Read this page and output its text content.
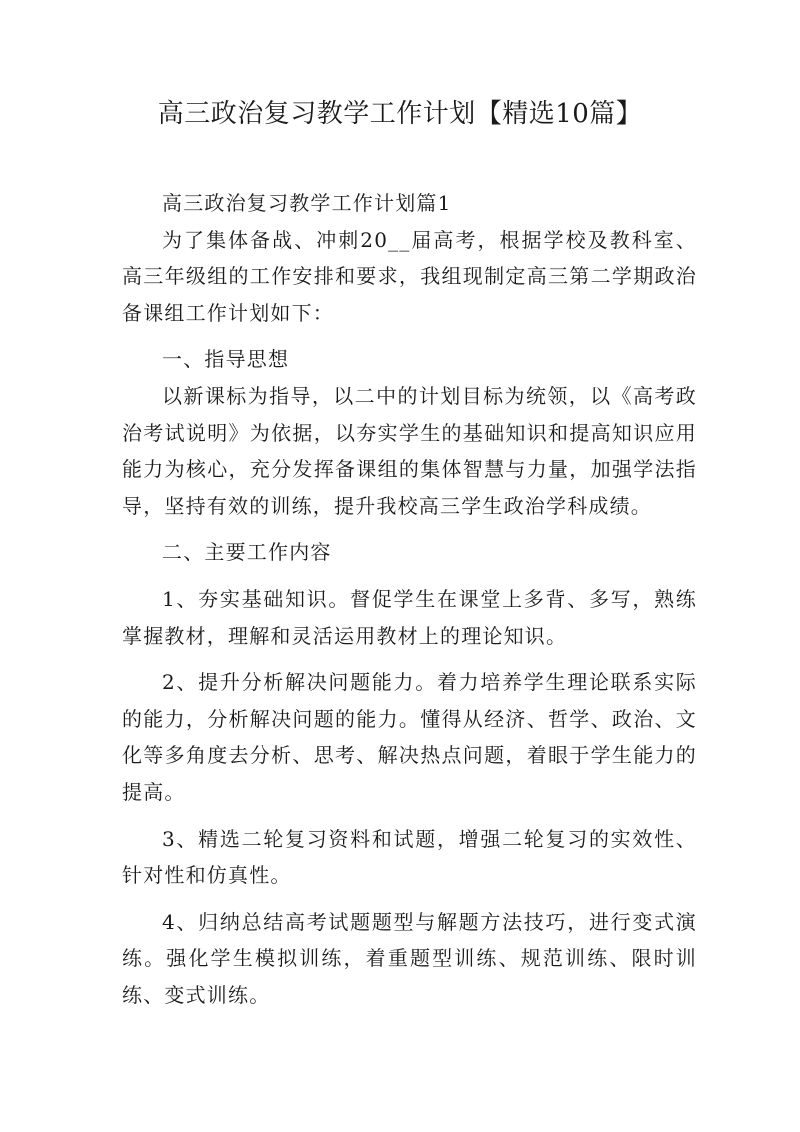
高三政治复习教学工作计划【精选10篇】

高三政治复习教学工作计划篇1

为了集体备战、冲刺20__届高考，根据学校及教科室、高三年级组的工作安排和要求，我组现制定高三第二学期政治备课组工作计划如下：

一、指导思想

以新课标为指导，以二中的计划目标为统领，以《高考政治考试说明》为依据，以夯实学生的基础知识和提高知识应用能力为核心，充分发挥备课组的集体智慧与力量，加强学法指导，坚持有效的训练，提升我校高三学生政治学科成绩。

二、主要工作内容

1、夯实基础知识。督促学生在课堂上多背、多写，熟练掌握教材，理解和灵活运用教材上的理论知识。

2、提升分析解决问题能力。着力培养学生理论联系实际的能力，分析解决问题的能力。懂得从经济、哲学、政治、文化等多角度去分析、思考、解决热点问题，着眼于学生能力的提高。

3、精选二轮复习资料和试题，增强二轮复习的实效性、针对性和仿真性。

4、归纳总结高考试题题型与解题方法技巧，进行变式演练。强化学生模拟训练，着重题型训练、规范训练、限时训练、变式训练。
